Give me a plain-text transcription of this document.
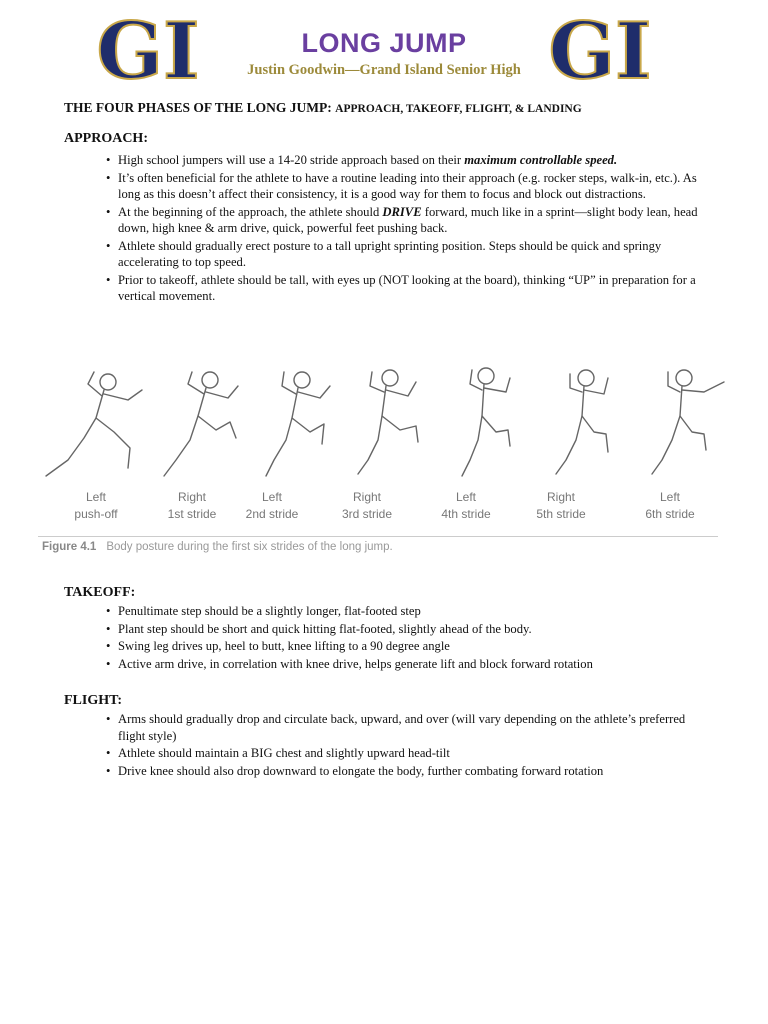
GI	GI
LONG JUMP
Justin Goodwin—Grand Island Senior High
THE FOUR PHASES OF THE LONG JUMP: APPROACH, TAKEOFF, FLIGHT, & LANDING
APPROACH:
• High school jumpers will use a 14-20 stride approach based on their maximum controllable speed.
• It’s often beneficial for the athlete to have a routine leading into their approach (e.g. rocker steps, walk-in, etc.). As long as this doesn’t affect their consistency, it is a good way for them to focus and block out distractions.
• At the beginning of the approach, the athlete should DRIVE forward, much like in a sprint—slight body lean, head down, high knee & arm drive, quick, powerful feet pushing back.
• Athlete should gradually erect posture to a tall upright sprinting position. Steps should be quick and springy accelerating to top speed.
• Prior to takeoff, athlete should be tall, with eyes up (NOT looking at the board), thinking “UP” in preparation for a vertical movement.
Left
push-off
Right
1st stride
Left
2nd stride
Right
3rd stride
Left
4th stride
Right
5th stride
Left
6th stride
Figure 4.1 Body posture during the first six strides of the long jump.
TAKEOFF:
• Penultimate step should be a slightly longer, flat-footed step
• Plant step should be short and quick hitting flat-footed, slightly ahead of the body.
• Swing leg drives up, heel to butt, knee lifting to a 90 degree angle
• Active arm drive, in correlation with knee drive, helps generate lift and block forward rotation
FLIGHT:
• Arms should gradually drop and circulate back, upward, and over (will vary depending on the athlete’s preferred flight style)
• Athlete should maintain a BIG chest and slightly upward head-tilt
• Drive knee should also drop downward to elongate the body, further combating forward rotation
